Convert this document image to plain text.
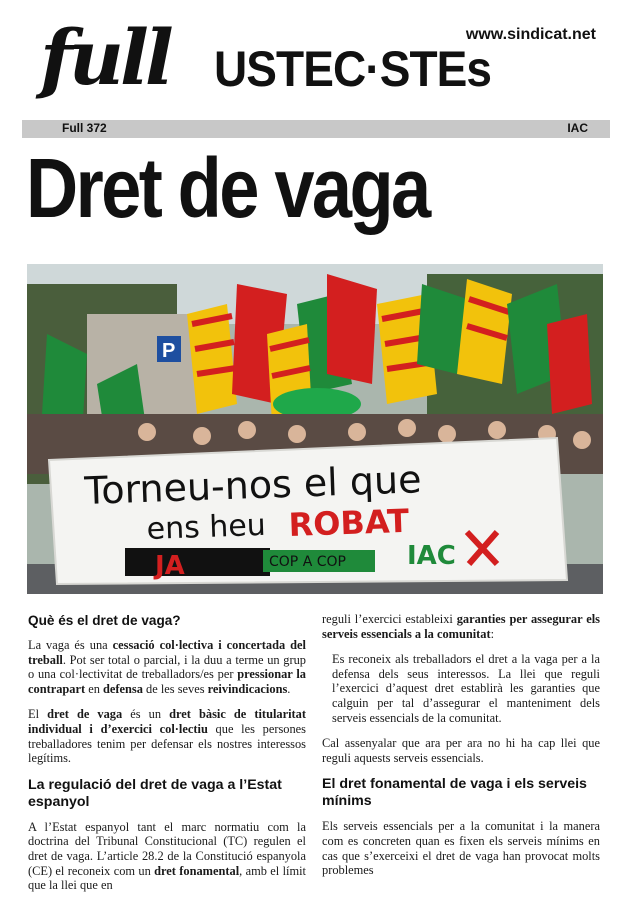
full USTEC·STEs
www.sindicat.net
Full 372	IAC
Dret de vaga
P
Torneu-nos el que
ens heu ROBAT
JA	COP A COP IAC
Què és el dret de vaga?

La vaga és una cessació col·lectiva i concertada del treball. Pot ser total o parcial, i la duu a terme un grup o una col·lectivitat de treballadors/es per pressionar la contrapart en defensa de les seves reivindicacions.

El dret de vaga és un dret bàsic de titularitat individual i d’exercici col·lectiu que les persones treballadores tenim per defensar els nostres interessos legítims.

La regulació del dret de vaga a l’Estat espanyol

A l’Estat espanyol tant el marc normatiu com la doctrina del Tribunal Constitucional (TC) regulen el dret de vaga. L’article 28.2 de la Constitució espanyola (CE) el reconeix com un dret fonamental, amb el límit que la llei que en

reguli l’exercici estableixi garanties per assegurar els serveis essencials a la comunitat:

Es reconeix als treballadors el dret a la vaga per a la defensa dels seus interessos. La llei que reguli l’exercici d’aquest dret establirà les garanties que calguin per tal d’assegurar el manteniment dels serveis essencials de la comunitat.

Cal assenyalar que ara per ara no hi ha cap llei que reguli aquests serveis essencials.

El dret fonamental de vaga i els serveis mínims

Els serveis essencials per a la comunitat i la manera com es concreten quan es fixen els serveis mínims en cas que s’exerceixi el dret de vaga han provocat molts problemes
